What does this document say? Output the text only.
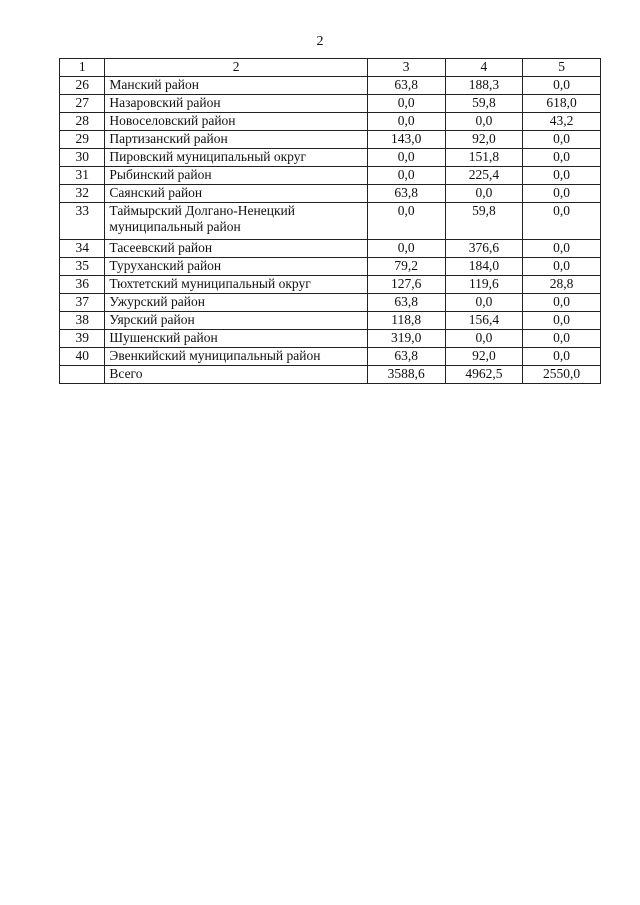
2
1	2	3	4	5
26	Манский район	63,8	188,3	0,0
27	Назаровский район	0,0	59,8	618,0
28	Новоселовский район	0,0	0,0	43,2
29	Партизанский район	143,0	92,0	0,0
30	Пировский муниципальный округ	0,0	151,8	0,0
31	Рыбинский район	0,0	225,4	0,0
32	Саянский район	63,8	0,0	0,0
33	Таймырский Долгано-Ненецкий муниципальный район	0,0	59,8	0,0
34	Тасеевский район	0,0	376,6	0,0
35	Туруханский район	79,2	184,0	0,0
36	Тюхтетский муниципальный округ	127,6	119,6	28,8
37	Ужурский район	63,8	0,0	0,0
38	Уярский район	118,8	156,4	0,0
39	Шушенский район	319,0	0,0	0,0
40	Эвенкийский муниципальный район	63,8	92,0	0,0
	Всего	3588,6	4962,5	2550,0
